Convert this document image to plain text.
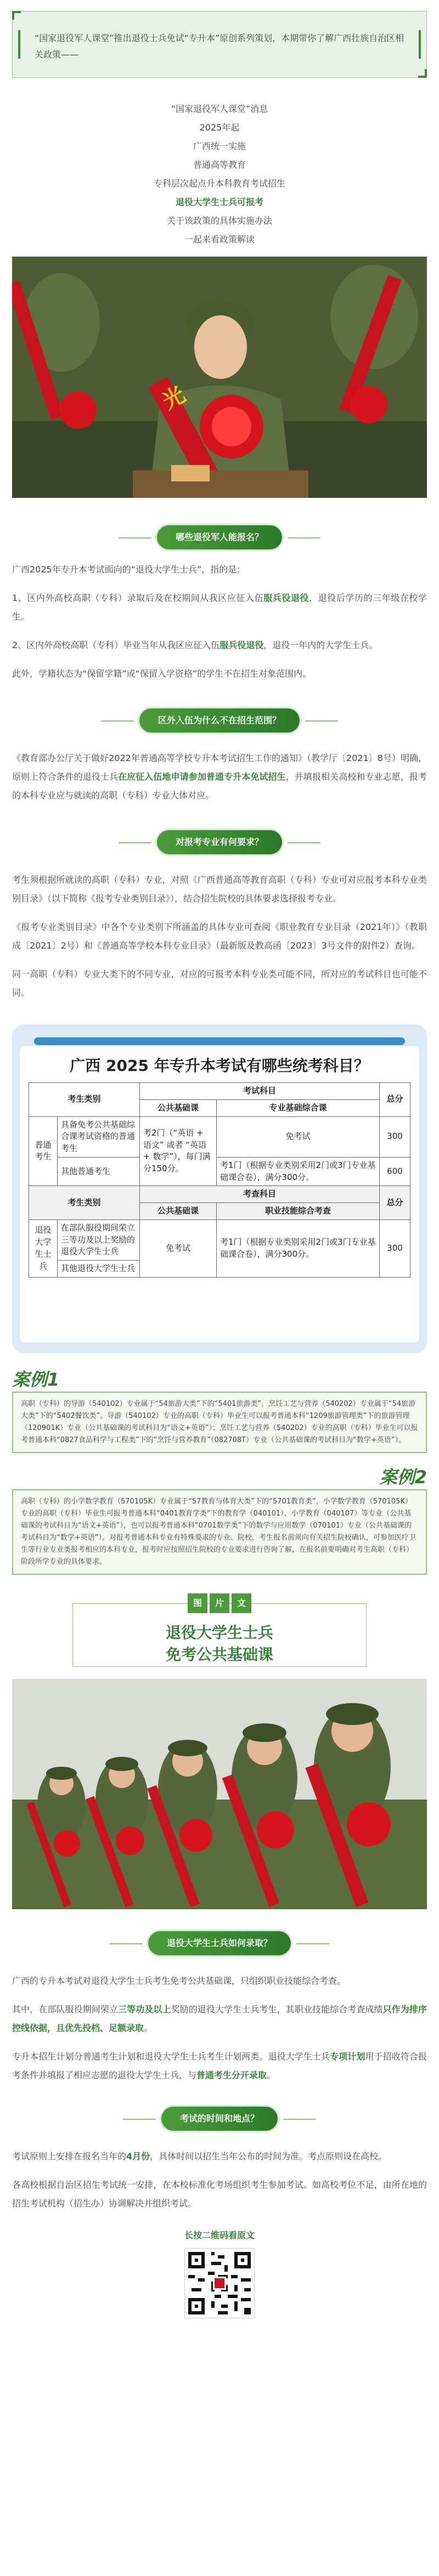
“国家退役军人课堂”推出退役士兵免试“专升本”原创系列策划，本期带你了解广西壮族自治区相关政策——

“国家退役军人课堂”消息

2025年起

广西统一实施

普通高等教育

专科层次起点升本科教育考试招生

退役大学生士兵可报考

关于该政策的具体实施办法

一起来看政策解读

光
哪些退役军人能报名？

广西2025年专升本考试面向的“退役大学生士兵”，指的是：

1、区内外高校高职（专科）录取后及在校期间从我区应征入伍服兵役退役，退役后学历的三年级在校学生。

2、区内外高校高职（专科）毕业当年从我区应征入伍服兵役退役，退役一年内的大学生士兵。

此外，学籍状态为“保留学籍”或“保留入学资格”的学生不在招生对象范围内。

区外入伍为什么不在招生范围？

《教育部办公厅关于做好2022年普通高等学校专升本考试招生工作的通知》（教学厅〔2021〕8号）明确，原则上符合条件的退役士兵在应征入伍地申请参加普通专升本免试招生，并填报相关高校和专业志愿，报考的本科专业应与就读的高职（专科）专业大体对应。

对报考专业有何要求？

考生须根据所就读的高职（专科）专业，对照《广西普通高等教育高职（专科）专业可对应报考本科专业类别目录》（以下简称《报考专业类别目录》），结合招生院校的具体要求选择报考专业。

《报考专业类别目录》中各个专业类别下所涵盖的具体专业可查阅《职业教育专业目录（2021年）》（教职成〔2021〕2号）和《普通高等学校本科专业目录》（最新版及教高函〔2023〕3号文件的附件2）查询。

同一高职（专科）专业大类下的不同专业，对应的可报考本科专业类可能不同，所对应的考试科目也可能不同。

广西 2025 年专升本考试有哪些统考科目？
考生类别		考试科目		总分
		公共基础课	专业基础综合课	
普通考生	具备免考公共基础综合课考试资格的普通考生	考2门（“英语 + 语文” 或者 “英语 + 数学”），每门满分150分。	免考试	300
	其他普通考生		考1门（根据专业类别采用2门或3门专业基础课合卷），满分300分。	600
考生类别		考查科目		总分
		公共基础课	职业技能综合考查	
退役大学生士兵	在部队服役期间荣立三等功及以上奖励的退役大学生士兵	免考试	考1门（根据专业类别采用2门或3门专业基础课合卷），满分300分。	300
	其他退役大学生士兵			
案例1
高职（专科）的导游（540102）专业属于“54旅游大类”下的“5401旅游类”，烹饪工艺与营养（540202）专业属于“54旅游大类”下的“5402餐饮类”。导游（540102）专业的高职（专科）毕业生可以报考普通本科“1209旅游管理类”下的旅游管理（120901K）专业（公共基础课的考试科目为“语文+英语”）；烹饪工艺与营养（540202）专业的高职（专科）毕业生可以报考普通本科“0827食品科学与工程类”下的“烹饪与营养教育”（082708T）专业（公共基础课的考试科目为“数学+英语”）。
案例2
高职（专科）的小学数学教育（570105K）专业属于“57教育与体育大类”下的“5701教育类”，小学数学教育（570105K）专业的高职（专科）毕业生可报考普通本科“0401教育学类”下的教育学（040101）、小学教育（040107）等专业（公共基础课的考试科目为“语文+英语”），也可以报考普通本科“0701数学类”下的数学与应用数学（070101）专业（公共基础课的考试科目为“数学+英语”）。对报考普通本科专业有特殊要求的专业、院校，考生报名前须向有关招生院校确认，可参加医疗卫生等行业专业类报考相应的本科专业，报考时应按照招生院校的专业要求进行咨询了解，在报名前要明确对考生高职（专科）阶段所学专业的具体要求。
图	片	文
退役大学生士兵
免考公共基础课
退役大学生士兵如何录取？

广西的专升本考试对退役大学生士兵考生免考公共基础课，只组织职业技能综合考查。

其中，在部队服役期间荣立三等功及以上奖励的退役大学生士兵考生，其职业技能综合考查成绩只作为排序控线依据，且优先投档、足额录取。

专升本招生计划分普通考生计划和退役大学生士兵考生计划两类。退役大学生士兵专项计划用于招收符合报考条件并填报了相应志愿的退役大学生士兵，与普通考生分开录取。

考试的时间和地点？

考试原则上安排在报名当年的4月份，具体时间以招生当年公布的时间为准。考点原则设在高校。

各高校根据自治区招生考试统一安排，在本校标准化考场组织考生参加考试。如高校考位不足，由所在地的招生考试机构（招生办）协调解决并组织考试。

长按二维码看原文
